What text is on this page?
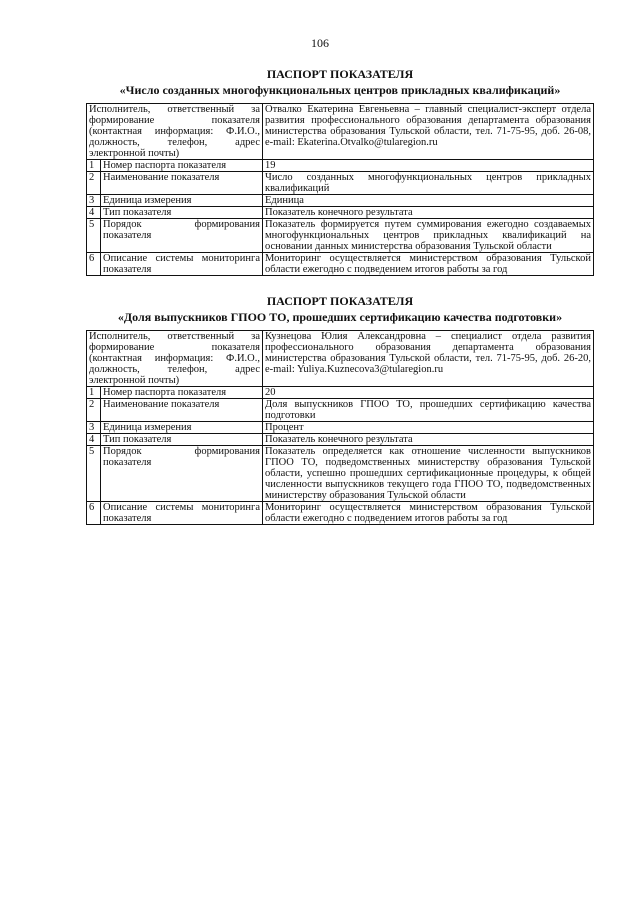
106
ПАСПОРТ ПОКАЗАТЕЛЯ
«Число созданных многофункциональных центров прикладных квалификаций»
Исполнитель, ответственный за формирование показателя (контактная информация: Ф.И.О., должность, телефон, адрес электронной почты)		Отвалко Екатерина Евгеньевна – главный специалист-эксперт отдела развития профессионального образования департамента образования министерства образования Тульской области, тел. 71-75-95, доб. 26-08, e-mail: Ekaterina.Otvalko@tularegion.ru
1	Номер паспорта показателя	19
2	Наименование показателя	Число созданных многофункциональных центров прикладных квалификаций
3	Единица измерения	Единица
4	Тип показателя	Показатель конечного результата
5	Порядок формирования показателя	Показатель формируется путем суммирования ежегодно создаваемых многофункциональных центров прикладных квалификаций на основании данных министерства образования Тульской области
6	Описание системы мониторинга показателя	Мониторинг осуществляется министерством образования Тульской области ежегодно с подведением итогов работы за год
ПАСПОРТ ПОКАЗАТЕЛЯ
«Доля выпускников ГПОО ТО, прошедших сертификацию качества подготовки»
Исполнитель, ответственный за формирование показателя (контактная информация: Ф.И.О., должность, телефон, адрес электронной почты)		Кузнецова Юлия Александровна – специалист отдела развития профессионального образования департамента образования министерства образования Тульской области, тел. 71-75-95, доб. 26-20, e-mail: Yuliya.Kuznecova3@tularegion.ru
1	Номер паспорта показателя	20
2	Наименование показателя	Доля выпускников ГПОО ТО, прошедших сертификацию качества подготовки
3	Единица измерения	Процент
4	Тип показателя	Показатель конечного результата
5	Порядок формирования показателя	Показатель определяется как отношение численности выпускников ГПОО ТО, подведомственных министерству образования Тульской области, успешно прошедших сертификационные процедуры, к общей численности выпускников текущего года ГПОО ТО, подведомственных министерству образования Тульской области
6	Описание системы мониторинга показателя	Мониторинг осуществляется министерством образования Тульской области ежегодно с подведением итогов работы за год
